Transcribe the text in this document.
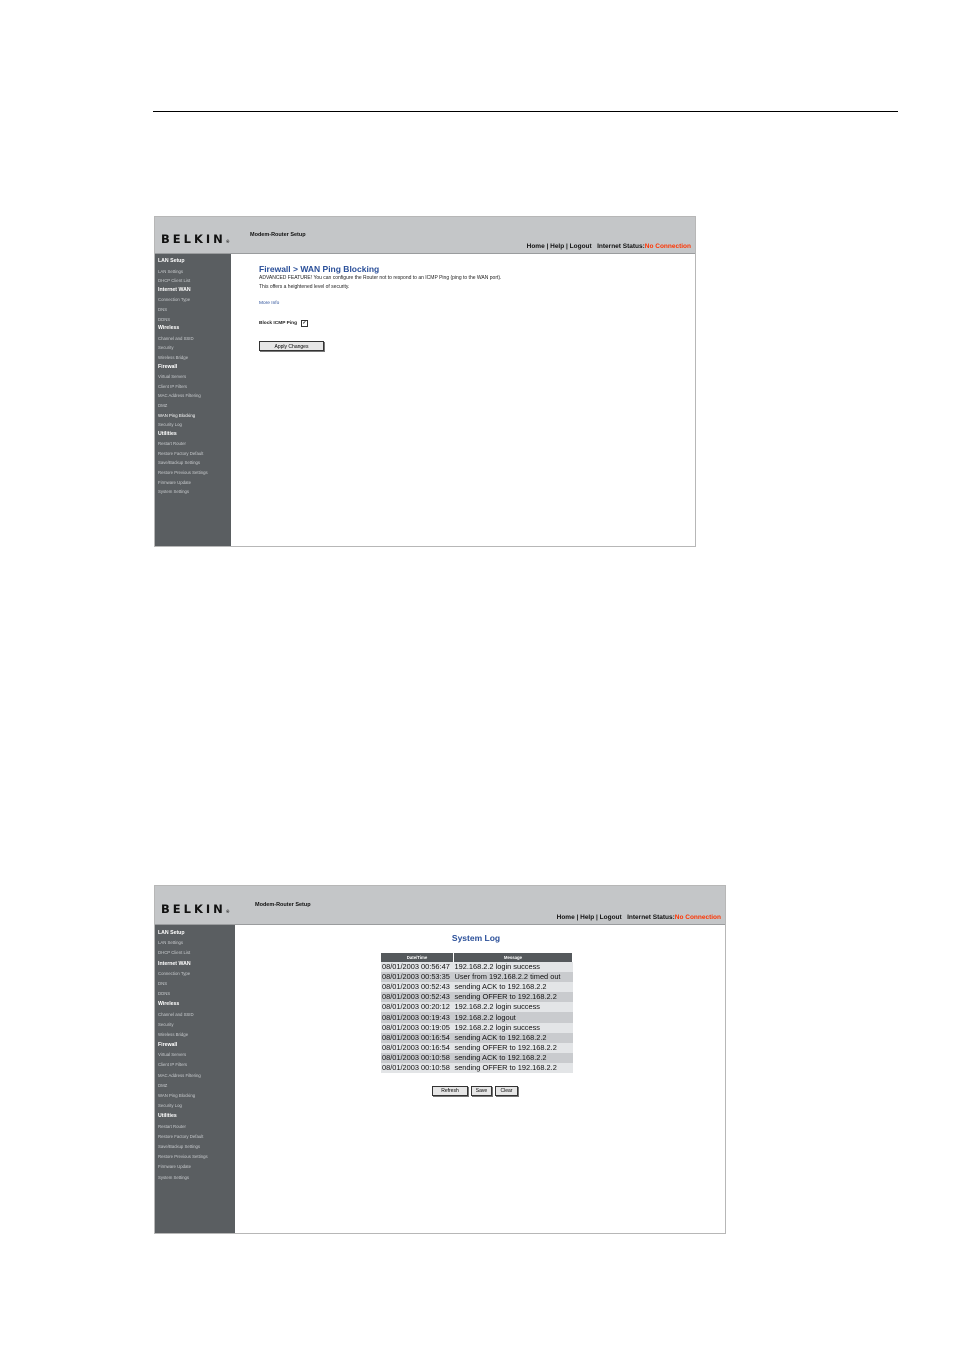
BELKIN®
Modem-Router Setup
Home | Help | Logout Internet Status:No Connection
LAN Setup
LAN Settings
DHCP Client List
Internet WAN
Connection Type
DNS
DDNS
Wireless
Channel and SSID
Security
Wireless Bridge
Firewall
Virtual Servers
Client IP Filters
MAC Address Filtering
DMZ
WAN Ping Blocking
Security Log
Utilities
Restart Router
Restore Factory Default
Save/Backup Settings
Restore Previous Settings
Firmware Update
System Settings
Firewall > WAN Ping Blocking
ADVANCED FEATURE! You can configure the Router not to respond to an ICMP Ping (ping to the WAN port).
This offers a heightened level of security.
More Info
Block ICMP Ping ✓
Apply Changes
BELKIN®
Modem-Router Setup
Home | Help | Logout Internet Status:No Connection
LAN Setup
LAN Settings
DHCP Client List
Internet WAN
Connection Type
DNS
DDNS
Wireless
Channel and SSID
Security
Wireless Bridge
Firewall
Virtual Servers
Client IP Filters
MAC Address Filtering
DMZ
WAN Ping Blocking
Security Log
Utilities
Restart Router
Restore Factory Default
Save/Backup Settings
Restore Previous Settings
Firmware Update
System Settings
System Log
Date/Time	Message
08/01/2003 00:56:47	192.168.2.2 login success
08/01/2003 00:53:35	User from 192.168.2.2 timed out
08/01/2003 00:52:43	sending ACK to 192.168.2.2
08/01/2003 00:52:43	sending OFFER to 192.168.2.2
08/01/2003 00:20:12	192.168.2.2 login success
08/01/2003 00:19:43	192.168.2.2 logout
08/01/2003 00:19:05	192.168.2.2 login success
08/01/2003 00:16:54	sending ACK to 192.168.2.2
08/01/2003 00:16:54	sending OFFER to 192.168.2.2
08/01/2003 00:10:58	sending ACK to 192.168.2.2
08/01/2003 00:10:58	sending OFFER to 192.168.2.2
Refresh	Save	Clear
